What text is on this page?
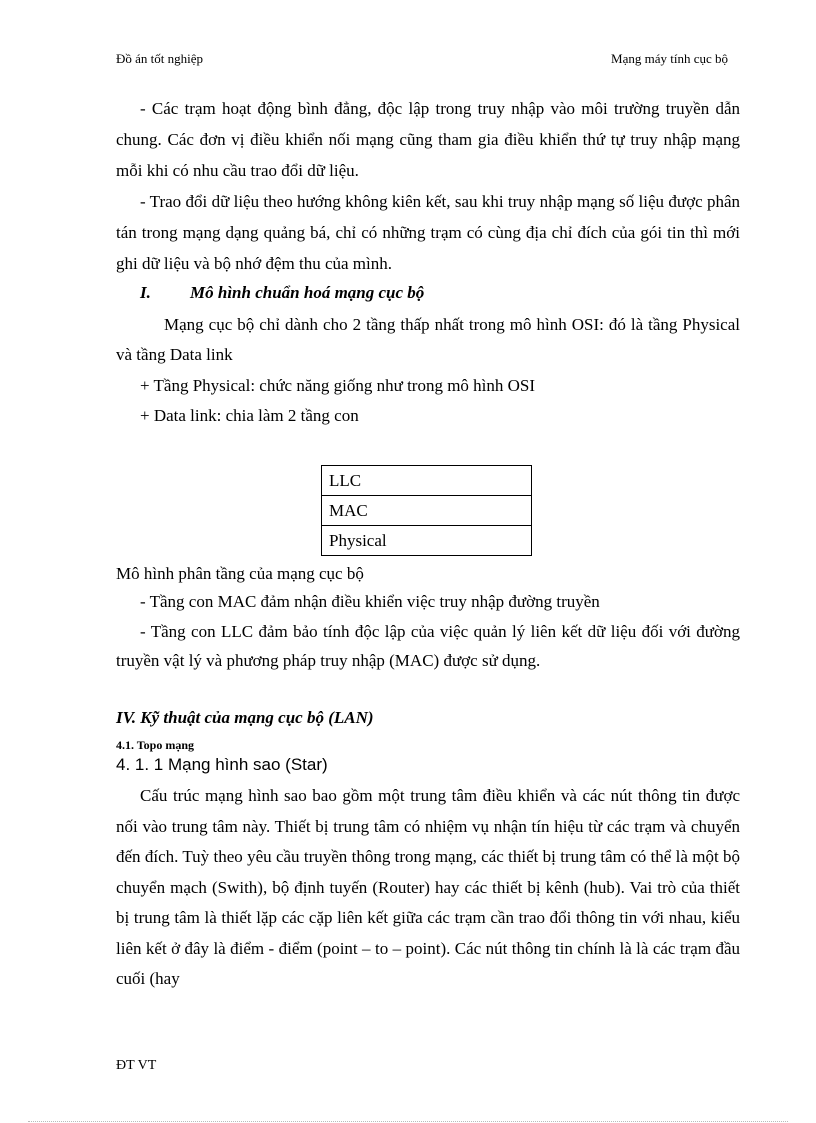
Đồ án tốt nghiệp	Mạng máy tính cục bộ
- Các trạm hoạt động bình đẳng, độc lập trong truy nhập vào môi trường truyền dẫn chung. Các đơn vị điều khiển nối mạng cũng tham gia điều khiển thứ tự truy nhập mạng mỗi khi có nhu cầu trao đổi dữ liệu.
- Trao đổi dữ liệu theo hướng không kiên kết, sau khi truy nhập mạng số liệu được phân tán trong mạng dạng quảng bá, chỉ có những trạm có cùng địa chỉ đích của gói tin thì mới ghi dữ liệu và bộ nhớ đệm thu của mình.
I. Mô hình chuẩn hoá mạng cục bộ
Mạng cục bộ chỉ dành cho 2 tầng thấp nhất trong mô hình OSI: đó là tầng Physical và tầng Data link
+ Tầng Physical: chức năng giống như trong mô hình OSI
+ Data link: chia làm 2 tầng con
LLC
MAC
Physical
Mô hình phân tầng của mạng cục bộ
- Tầng con MAC đảm nhận điều khiển việc truy nhập đường truyền
- Tầng con LLC đảm bảo tính độc lập của việc quản lý liên kết dữ liệu đối với đường truyền vật lý và phương pháp truy nhập (MAC) được sử dụng.
IV. Kỹ thuật của mạng cục bộ (LAN)
4.1. Topo mạng
4. 1. 1 Mạng hình sao (Star)
Cấu trúc mạng hình sao bao gồm một trung tâm điều khiển và các nút thông tin được nối vào trung tâm này. Thiết bị trung tâm có nhiệm vụ nhận tín hiệu từ các trạm và chuyển đến đích. Tuỳ theo yêu cầu truyền thông trong mạng, các thiết bị trung tâm có thể là một bộ chuyển mạch (Swith), bộ định tuyến (Router) hay các thiết bị kênh (hub). Vai trò của thiết bị trung tâm là thiết lặp các cặp liên kết giữa các trạm cần trao đổi thông tin với nhau, kiểu liên kết ở đây là điểm - điểm (point – to – point). Các nút thông tin chính là là các trạm đầu cuối (hay
ĐT VT
